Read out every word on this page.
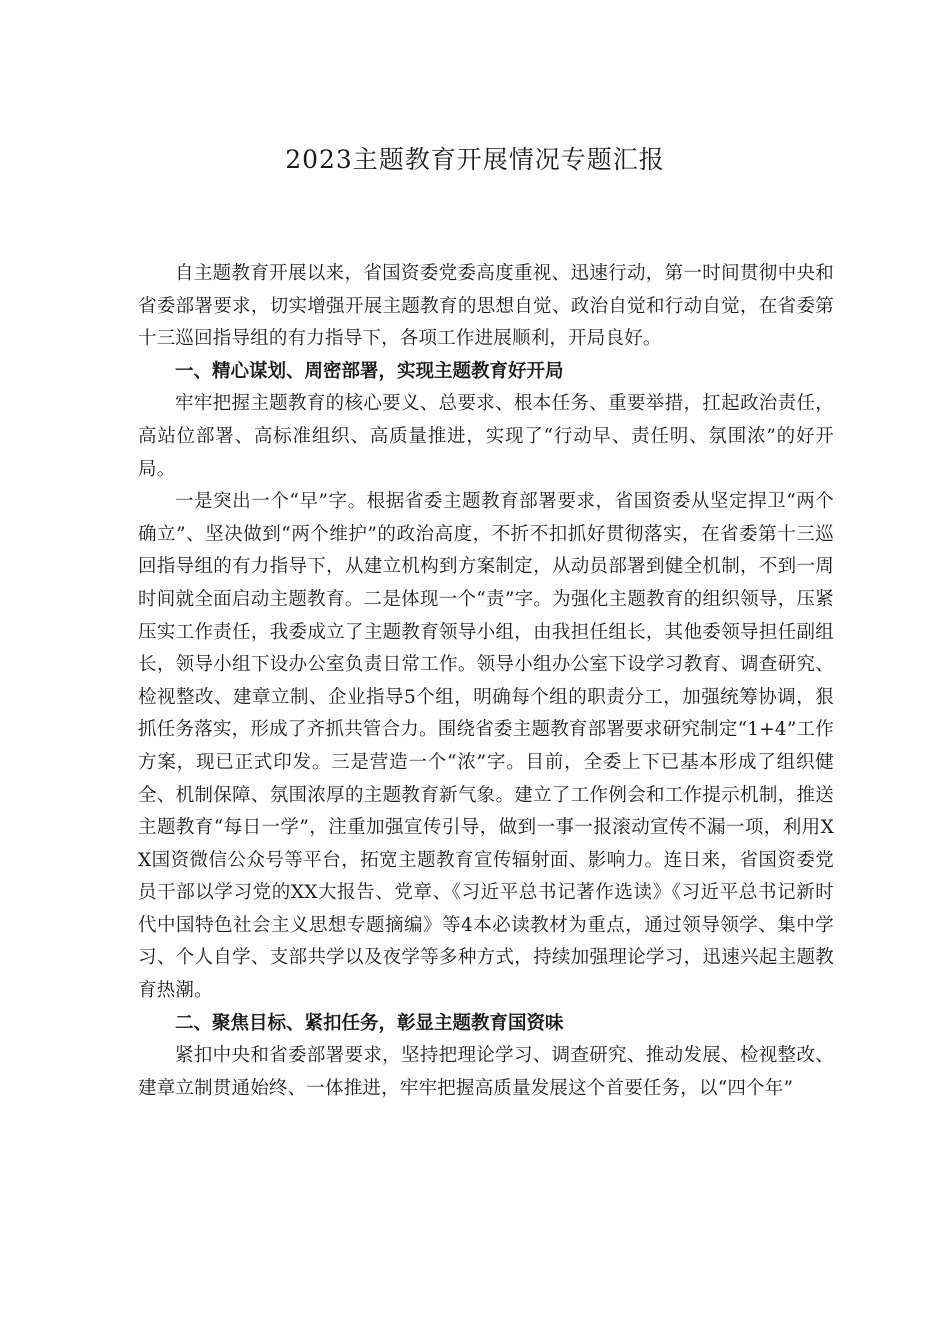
2023主题教育开展情况专题汇报

自主题教育开展以来，省国资委党委高度重视、迅速行动，第一时间贯彻中央和省委部署要求，切实增强开展主题教育的思想自觉、政治自觉和行动自觉，在省委第十三巡回指导组的有力指导下，各项工作进展顺利，开局良好。

一、精心谋划、周密部署，实现主题教育好开局

牢牢把握主题教育的核心要义、总要求、根本任务、重要举措，扛起政治责任，高站位部署、高标准组织、高质量推进，实现了“行动早、责任明、氛围浓”的好开局。

一是突出一个“早”字。根据省委主题教育部署要求，省国资委从坚定捍卫“两个确立”、坚决做到“两个维护”的政治高度，不折不扣抓好贯彻落实，在省委第十三巡回指导组的有力指导下，从建立机构到方案制定，从动员部署到健全机制，不到一周时间就全面启动主题教育。二是体现一个“责”字。为强化主题教育的组织领导，压紧压实工作责任，我委成立了主题教育领导小组，由我担任组长，其他委领导担任副组长，领导小组下设办公室负责日常工作。领导小组办公室下设学习教育、调查研究、检视整改、建章立制、企业指导5个组，明确每个组的职责分工，加强统筹协调，狠抓任务落实，形成了齐抓共管合力。围绕省委主题教育部署要求研究制定“1+4”工作方案，现已正式印发。三是营造一个“浓”字。目前，全委上下已基本形成了组织健全、机制保障、氛围浓厚的主题教育新气象。建立了工作例会和工作提示机制，推送主题教育“每日一学”，注重加强宣传引导，做到一事一报滚动宣传不漏一项，利用XX国资微信公众号等平台，拓宽主题教育宣传辐射面、影响力。连日来，省国资委党员干部以学习党的XX大报告、党章、《习近平总书记著作选读》《习近平总书记新时代中国特色社会主义思想专题摘编》等4本必读教材为重点，通过领导领学、集中学习、个人自学、支部共学以及夜学等多种方式，持续加强理论学习，迅速兴起主题教育热潮。

二、聚焦目标、紧扣任务，彰显主题教育国资味

紧扣中央和省委部署要求，坚持把理论学习、调查研究、推动发展、检视整改、建章立制贯通始终、一体推进，牢牢把握高质量发展这个首要任务，以“四个年”
